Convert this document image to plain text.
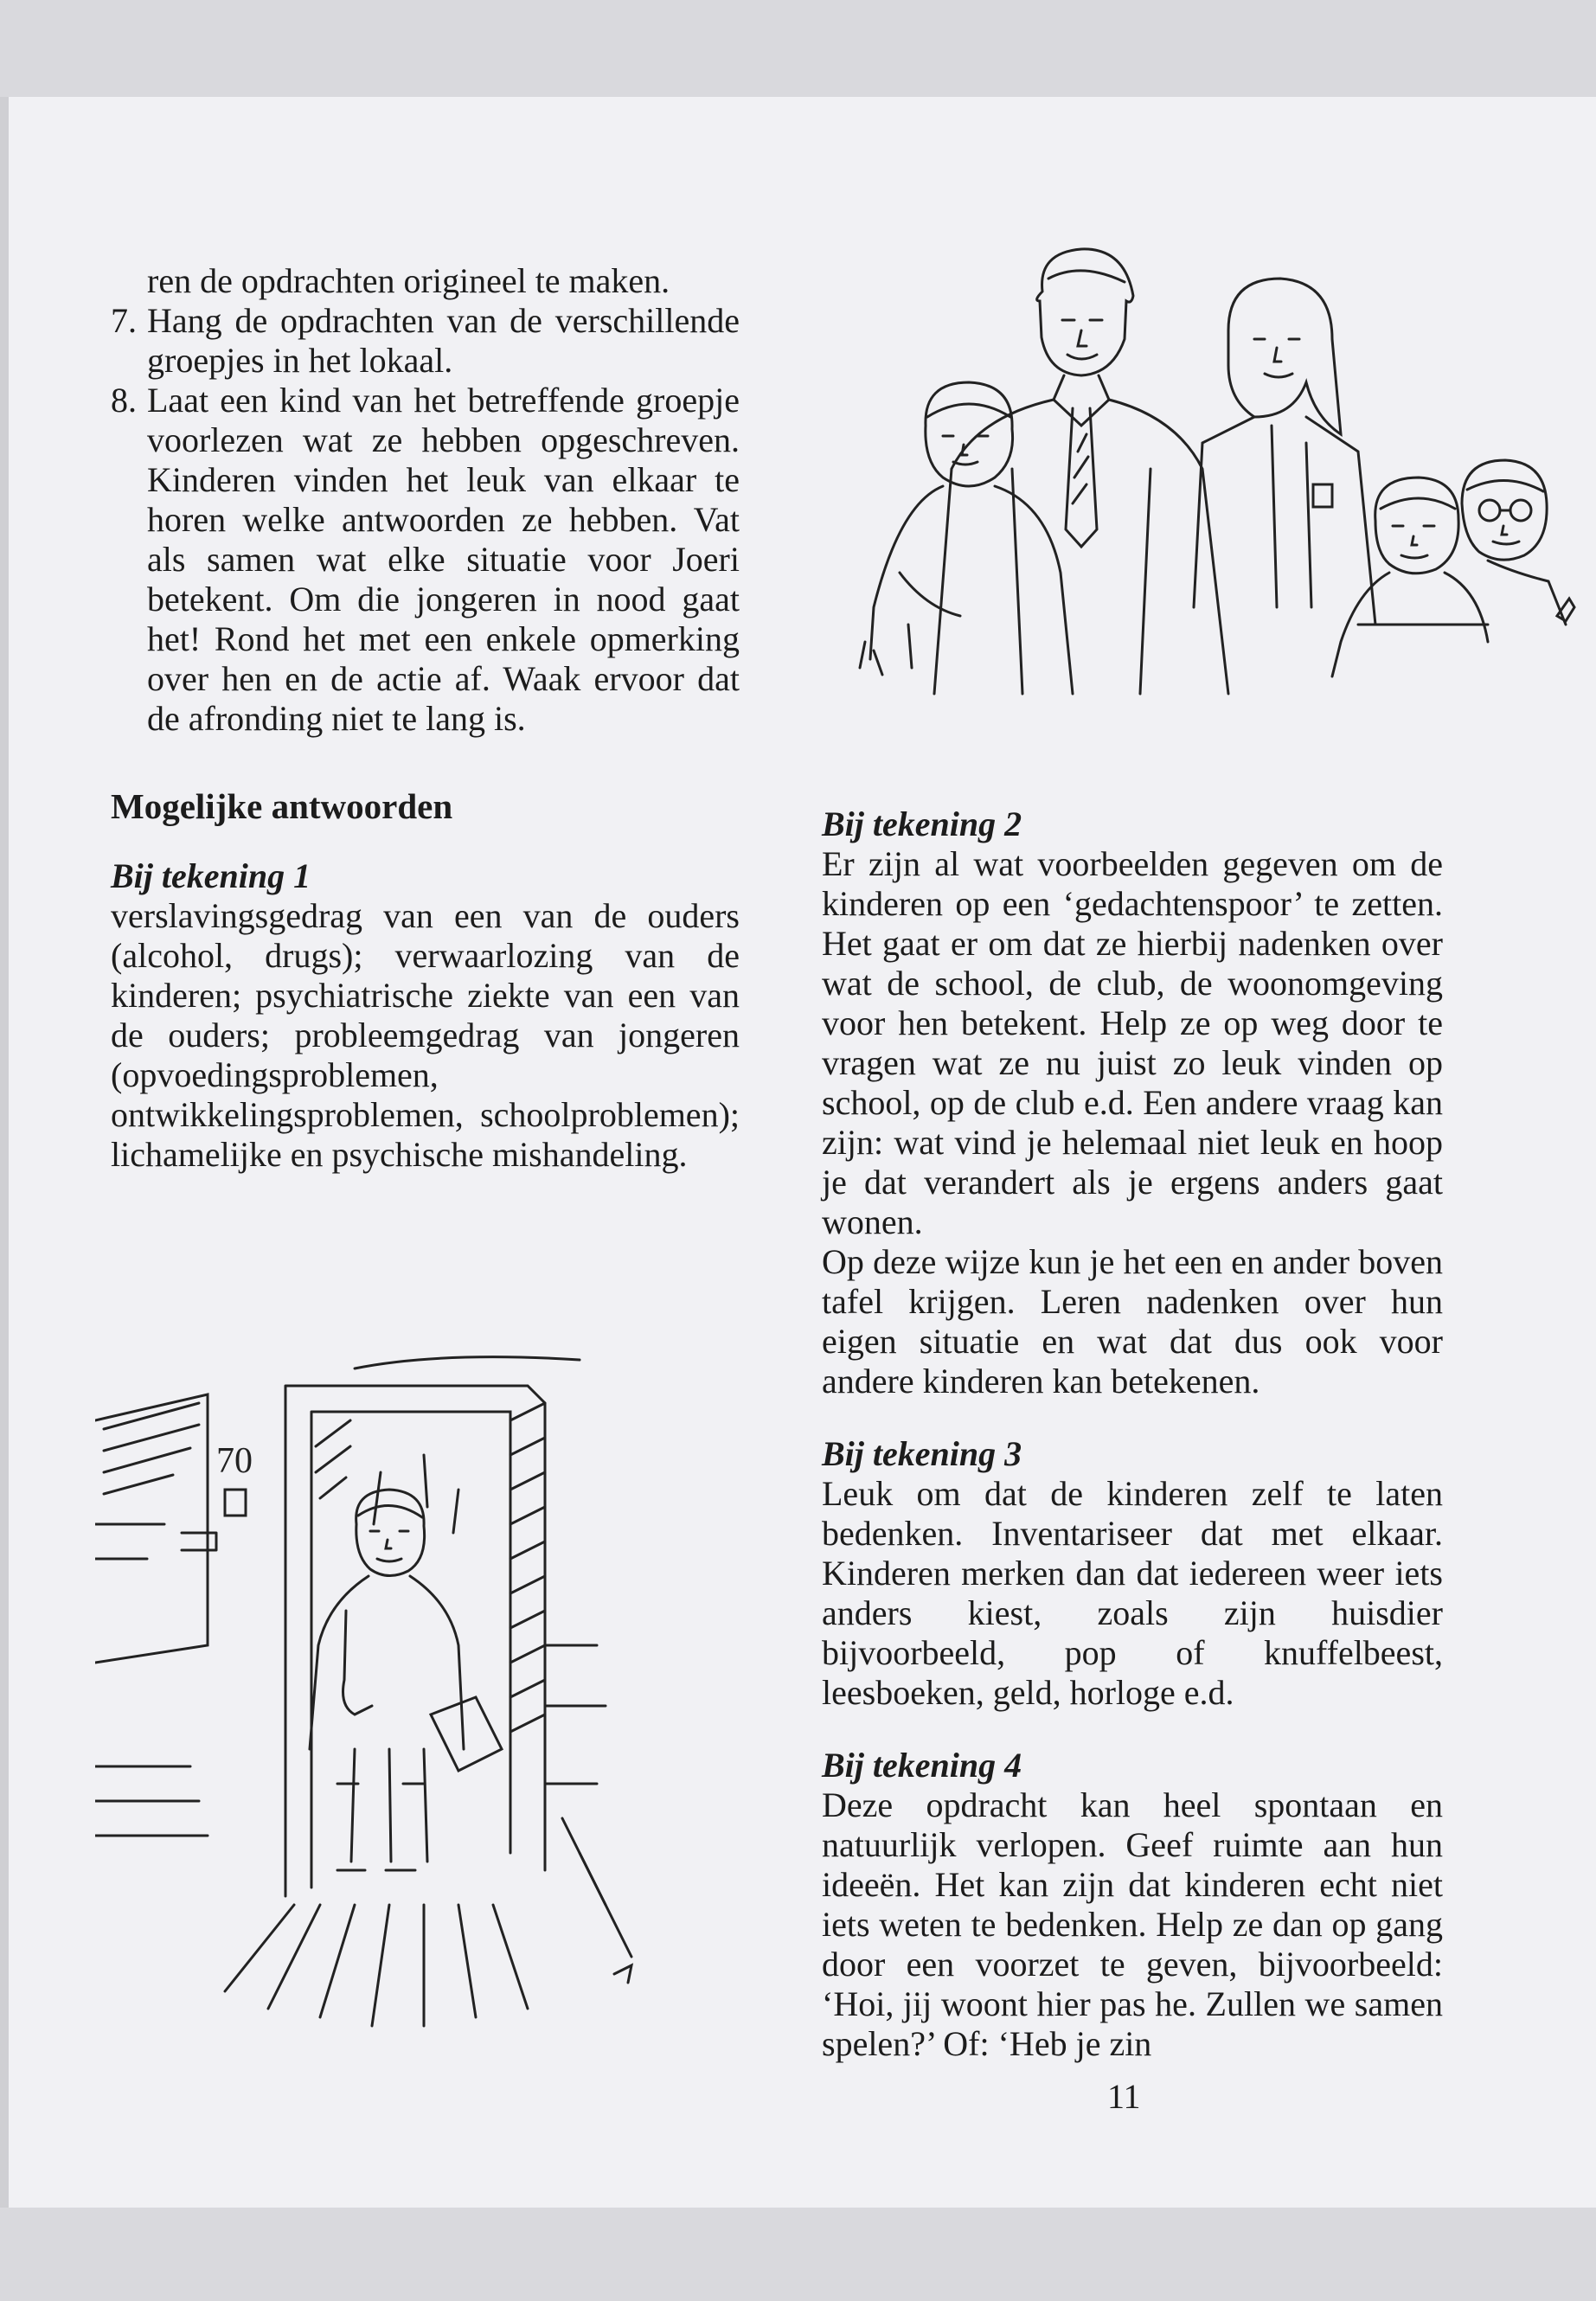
ren de opdrachten origineel te maken.

7. Hang de opdrachten van de verschillende groepjes in het lokaal.

8. Laat een kind van het betreffende groepje voorlezen wat ze hebben opgeschreven. Kinderen vinden het leuk van elkaar te horen welke antwoorden ze hebben. Vat als samen wat elke situatie voor Joeri betekent. Om die jongeren in nood gaat het! Rond het met een enkele opmerking over hen en de actie af. Waak ervoor dat de afronding niet te lang is.

Mogelijke antwoorden
Bij tekening 1

verslavingsgedrag van een van de ouders (alcohol, drugs); verwaarlozing van de kinderen; psychiatrische ziekte van een van de ouders; probleemgedrag van jongeren (opvoedingsproblemen, ontwikkelingsproblemen, schoolproblemen); lichamelijke en psychische mishandeling.

Bij tekening 2

Er zijn al wat voorbeelden gegeven om de kinderen op een ‘gedachtenspoor’ te zetten. Het gaat er om dat ze hierbij nadenken over wat de school, de club, de woonomgeving voor hen betekent. Help ze op weg door te vragen wat ze nu juist zo leuk vinden op school, op de club e.d. Een andere vraag kan zijn: wat vind je helemaal niet leuk en hoop je dat verandert als je ergens anders gaat wonen.

Op deze wijze kun je het een en ander boven tafel krijgen. Leren nadenken over hun eigen situatie en wat dat dus ook voor andere kinderen kan betekenen.

Bij tekening 3

Leuk om dat de kinderen zelf te laten bedenken. Inventariseer dat met elkaar. Kinderen merken dan dat iedereen weer iets anders kiest, zoals zijn huisdier bijvoorbeeld, pop of knuffelbeest, leesboeken, geld, horloge e.d.

Bij tekening 4

Deze opdracht kan heel spontaan en natuurlijk verlopen. Geef ruimte aan hun ideeën. Het kan zijn dat kinderen echt niet iets weten te bedenken. Help ze dan op gang door een voorzet te geven, bijvoorbeeld: ‘Hoi, jij woont hier pas he. Zullen we samen spelen?’ Of: ‘Heb je zin

70
11
